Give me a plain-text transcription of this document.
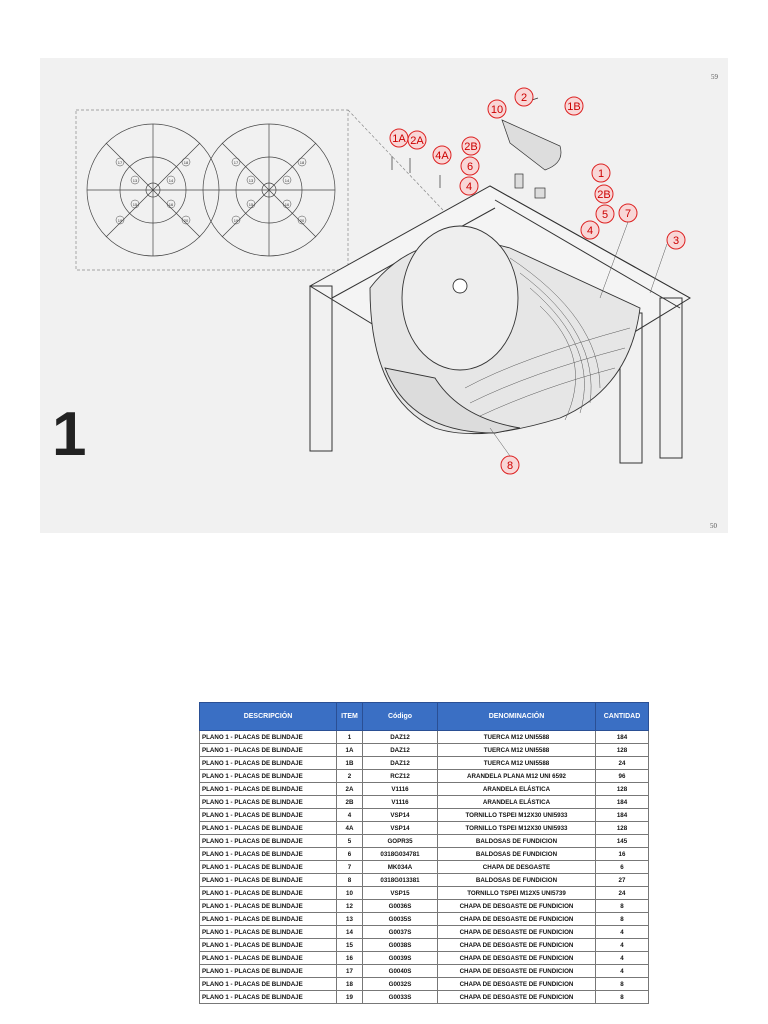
59
50
1
1A 2A
4A
10
2
1B
2B
6
4
1
2B
5
4
7
3
8
13	14
15	16
17	18
19	20
13	14
15	16
17	18
19	20
DESCRIPCIÓN	ITEM	Código	DENOMINACIÓN	CANTIDAD
PLANO 1 - PLACAS DE BLINDAJE	1	DAZ12	TUERCA M12 UNI5588	184
PLANO 1 - PLACAS DE BLINDAJE	1A	DAZ12	TUERCA M12 UNI5588	128
PLANO 1 - PLACAS DE BLINDAJE	1B	DAZ12	TUERCA M12 UNI5588	24
PLANO 1 - PLACAS DE BLINDAJE	2	RCZ12	ARANDELA PLANA M12 UNI 6592	96
PLANO 1 - PLACAS DE BLINDAJE	2A	V1116	ARANDELA ELÁSTICA	128
PLANO 1 - PLACAS DE BLINDAJE	2B	V1116	ARANDELA ELÁSTICA	184
PLANO 1 - PLACAS DE BLINDAJE	4	VSP14	TORNILLO TSPEI M12X30 UNI5933	184
PLANO 1 - PLACAS DE BLINDAJE	4A	VSP14	TORNILLO TSPEI M12X30 UNI5933	128
PLANO 1 - PLACAS DE BLINDAJE	5	GOPR35	BALDOSAS DE FUNDICION	145
PLANO 1 - PLACAS DE BLINDAJE	6	0318G034781	BALDOSAS DE FUNDICION	16
PLANO 1 - PLACAS DE BLINDAJE	7	MK034A	CHAPA DE DESGASTE	6
PLANO 1 - PLACAS DE BLINDAJE	8	0318G013381	BALDOSAS DE FUNDICION	27
PLANO 1 - PLACAS DE BLINDAJE	10	VSP15	TORNILLO TSPEI M12X5 UNI5739	24
PLANO 1 - PLACAS DE BLINDAJE	12	G0036S	CHAPA DE DESGASTE DE FUNDICION	8
PLANO 1 - PLACAS DE BLINDAJE	13	G0035S	CHAPA DE DESGASTE DE FUNDICION	8
PLANO 1 - PLACAS DE BLINDAJE	14	G0037S	CHAPA DE DESGASTE DE FUNDICION	4
PLANO 1 - PLACAS DE BLINDAJE	15	G0038S	CHAPA DE DESGASTE DE FUNDICION	4
PLANO 1 - PLACAS DE BLINDAJE	16	G0039S	CHAPA DE DESGASTE DE FUNDICION	4
PLANO 1 - PLACAS DE BLINDAJE	17	G0040S	CHAPA DE DESGASTE DE FUNDICION	4
PLANO 1 - PLACAS DE BLINDAJE	18	G0032S	CHAPA DE DESGASTE DE FUNDICION	8
PLANO 1 - PLACAS DE BLINDAJE	19	G0033S	CHAPA DE DESGASTE DE FUNDICION	8
